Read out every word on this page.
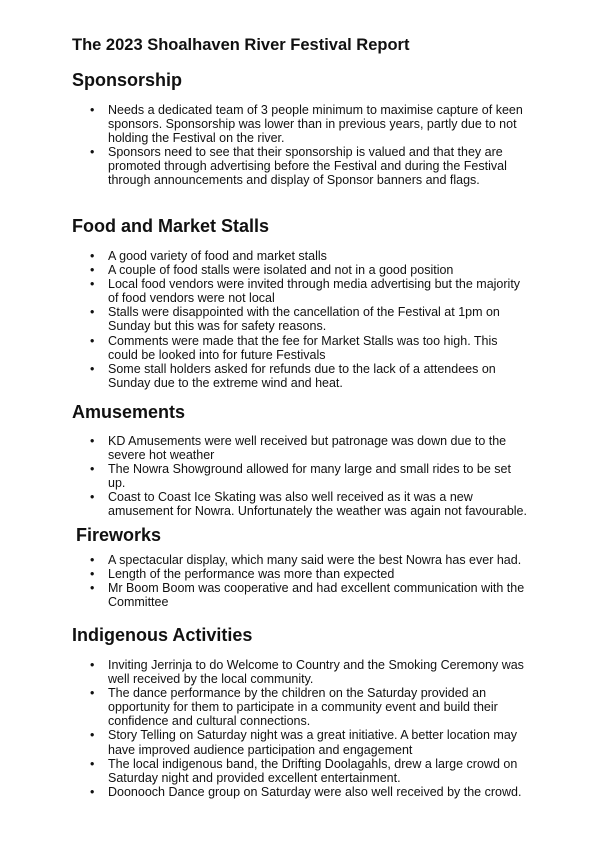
The 2023 Shoalhaven River Festival Report
Sponsorship
• Needs a dedicated team of 3 people minimum to maximise capture of keen sponsors. Sponsorship was lower than in previous years, partly due to not holding the Festival on the river.
• Sponsors need to see that their sponsorship is valued and that they are promoted through advertising before the Festival and during the Festival through announcements and display of Sponsor banners and flags.
Food and Market Stalls
• A good variety of food and market stalls
• A couple of food stalls were isolated and not in a good position
• Local food vendors were invited through media advertising but the majority of food vendors were not local
• Stalls were disappointed with the cancellation of the Festival at 1pm on Sunday but this was for safety reasons.
• Comments were made that the fee for Market Stalls was too high. This could be looked into for future Festivals
• Some stall holders asked for refunds due to the lack of a attendees on Sunday due to the extreme wind and heat.
Amusements
• KD Amusements were well received but patronage was down due to the severe hot weather
• The Nowra Showground allowed for many large and small rides to be set up.
• Coast to Coast Ice Skating was also well received as it was a new amusement for Nowra. Unfortunately the weather was again not favourable.
Fireworks
• A spectacular display, which many said were the best Nowra has ever had.
• Length of the performance was more than expected
• Mr Boom Boom was cooperative and had excellent communication with the Committee
Indigenous Activities
• Inviting Jerrinja to do Welcome to Country and the Smoking Ceremony was well received by the local community.
• The dance performance by the children on the Saturday provided an opportunity for them to participate in a community event and build their confidence and cultural connections.
• Story Telling on Saturday night was a great initiative. A better location may have improved audience participation and engagement
• The local indigenous band, the Drifting Doolagahls, drew a large crowd on Saturday night and provided excellent entertainment.
• Doonooch Dance group on Saturday were also well received by the crowd.
